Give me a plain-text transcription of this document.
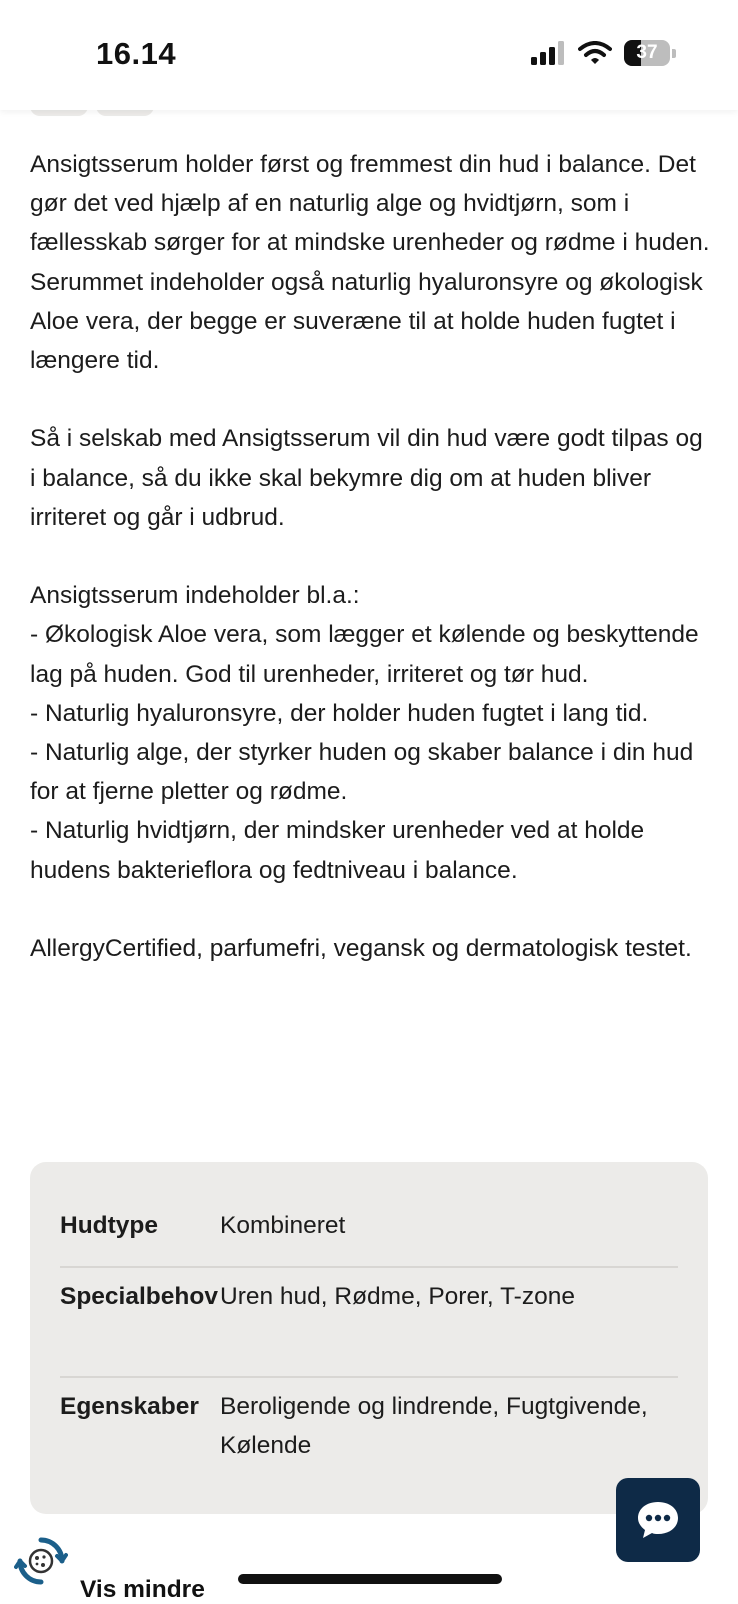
16.14	37

Ansigtsserum holder først og fremmest din hud i balance. Det gør det ved hjælp af en naturlig alge og hvidtjørn, som i fællesskab sørger for at mindske urenheder og rødme i huden. Serummet indeholder også naturlig hyaluronsyre og økologisk Aloe vera, der begge er suveræne til at holde huden fugtet i længere tid.

Så i selskab med Ansigtsserum vil din hud være godt tilpas og i balance, så du ikke skal bekymre dig om at huden bliver irriteret og går i udbrud.

Ansigtsserum indeholder bl.a.:

- Økologisk Aloe vera, som lægger et kølende og beskyttende lag på huden. God til urenheder, irriteret og tør hud.

- Naturlig hyaluronsyre, der holder huden fugtet i lang tid.

- Naturlig alge, der styrker huden og skaber balance i din hud for at fjerne pletter og rødme.

- Naturlig hvidtjørn, der mindsker urenheder ved at holde hudens bakterieflora og fedtniveau i balance.

AllergyCertified, parfumefri, vegansk og dermatologisk testet.

Hudtype	Kombineret
Specialbehov Uren hud, Rødme, Porer, T-zone
Egenskaber Beroligende og lindrende, Fugtgivende, Kølende
Vis mindre
